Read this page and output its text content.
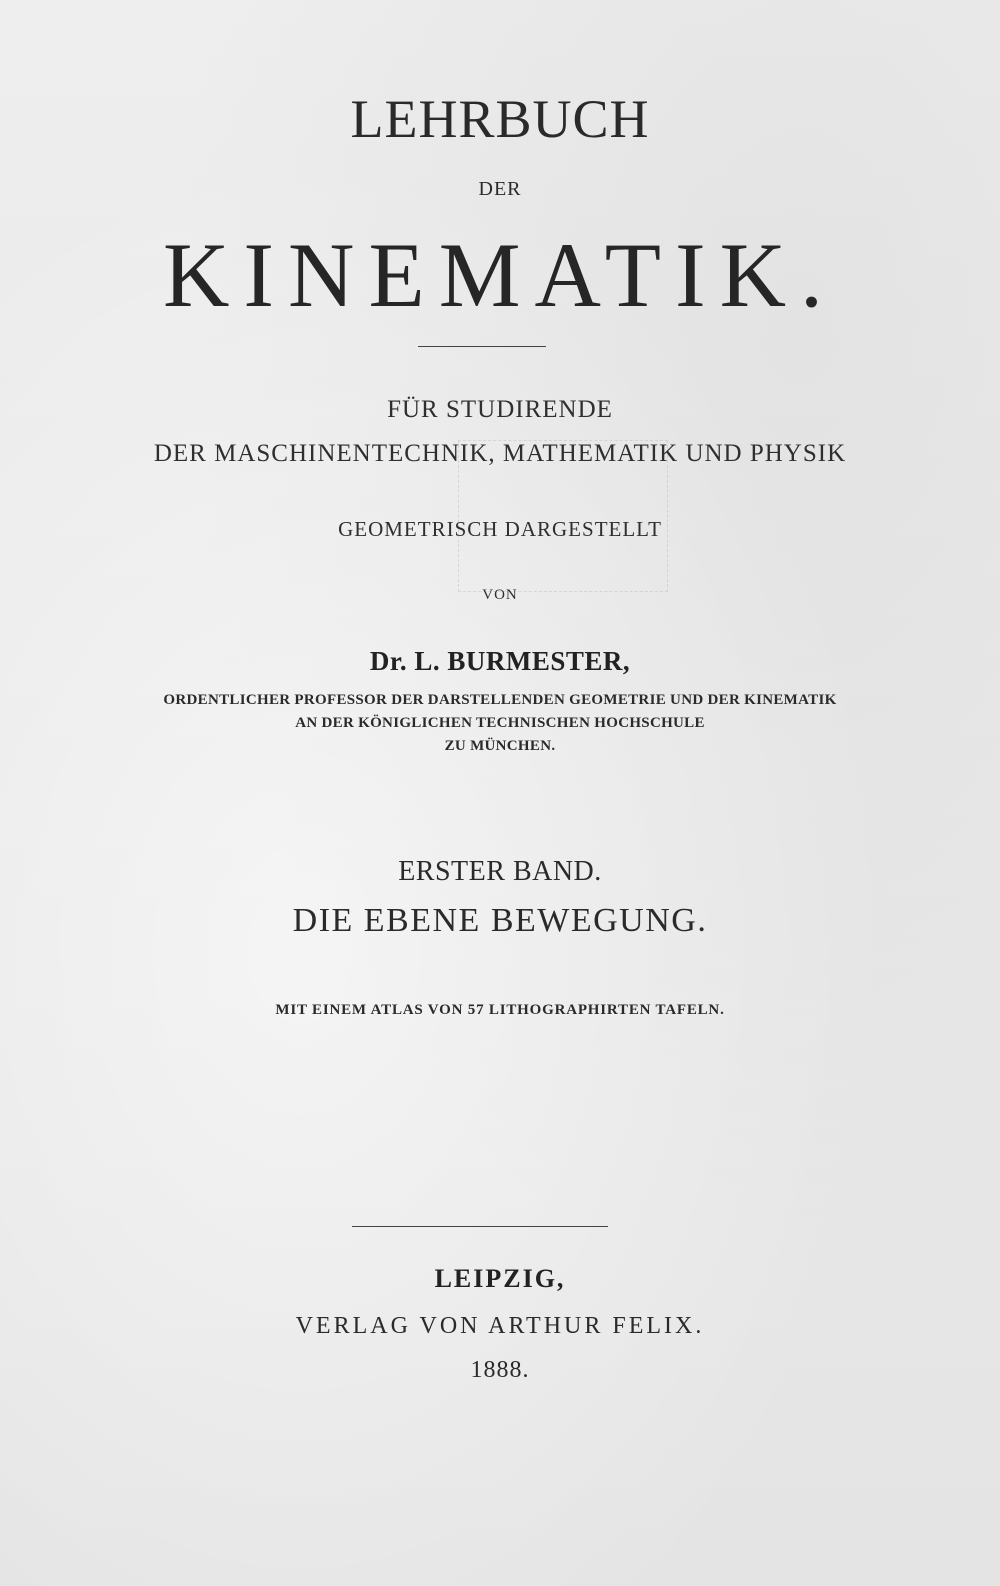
LEHRBUCH

DER

KINEMATIK.

FÜR STUDIRENDE

DER MASCHINENTECHNIK, MATHEMATIK UND PHYSIK

GEOMETRISCH DARGESTELLT

VON

Dr. L. BURMESTER,

ORDENTLICHER PROFESSOR DER DARSTELLENDEN GEOMETRIE UND DER KINEMATIK

AN DER KÖNIGLICHEN TECHNISCHEN HOCHSCHULE

ZU MÜNCHEN.

ERSTER BAND.

DIE EBENE BEWEGUNG.

MIT EINEM ATLAS VON 57 LITHOGRAPHIRTEN TAFELN.

LEIPZIG,

VERLAG VON ARTHUR FELIX.

1888.
